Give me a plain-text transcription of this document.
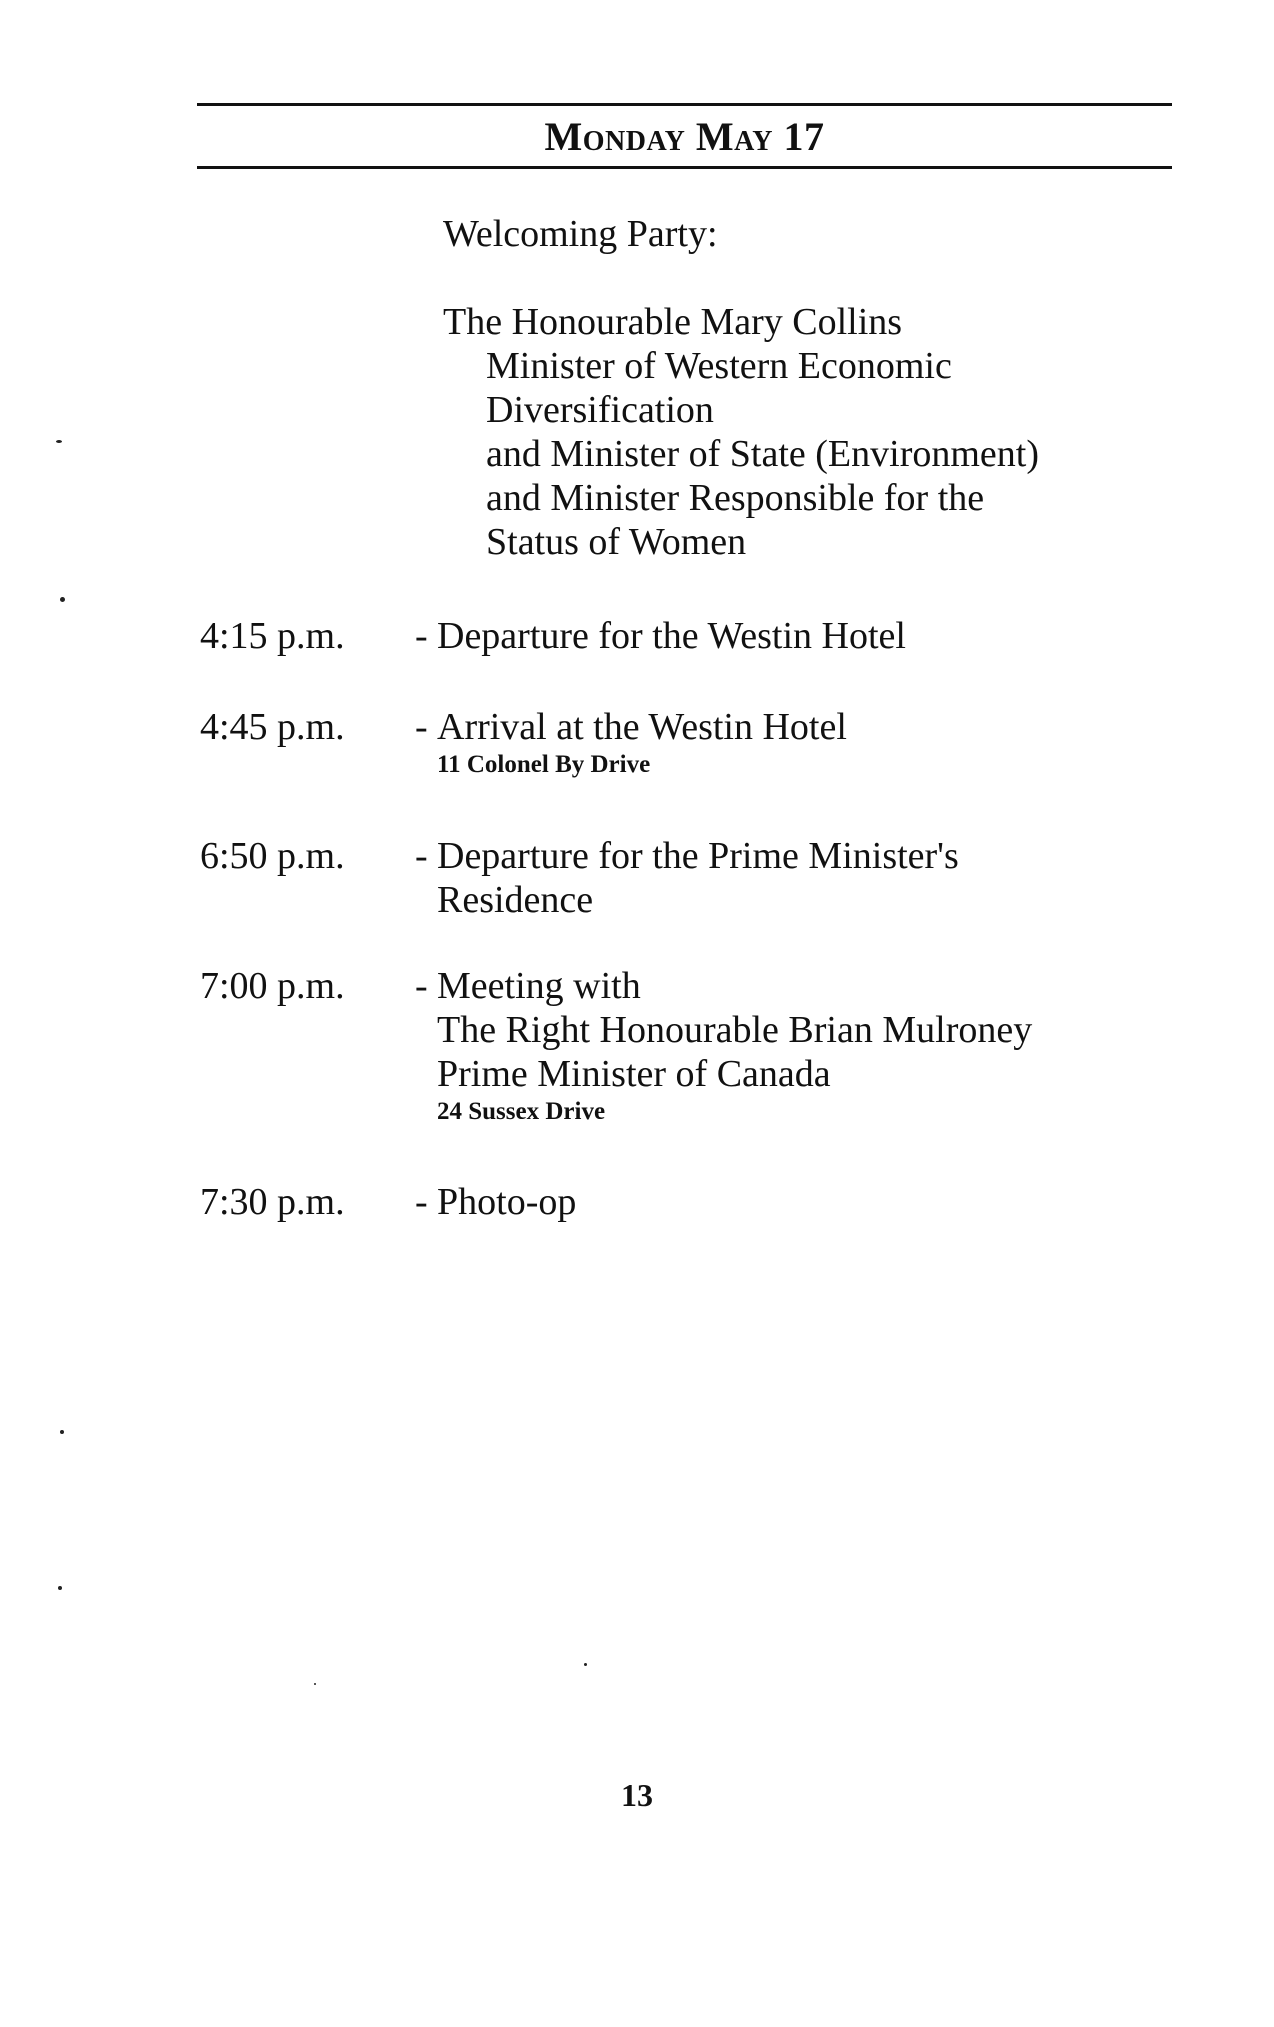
Monday May 17
Welcoming Party:
The Honourable Mary Collins
Minister of Western Economic
Diversification
and Minister of State (Environment)
and Minister Responsible for the
Status of Women
4:15 p.m.	- Departure for the Westin Hotel
4:45 p.m.	- Arrival at the Westin Hotel
11 Colonel By Drive
6:50 p.m.	- Departure for the Prime Minister's
Residence
7:00 p.m.	- Meeting with
The Right Honourable Brian Mulroney
Prime Minister of Canada
24 Sussex Drive
7:30 p.m.	- Photo-op
13
